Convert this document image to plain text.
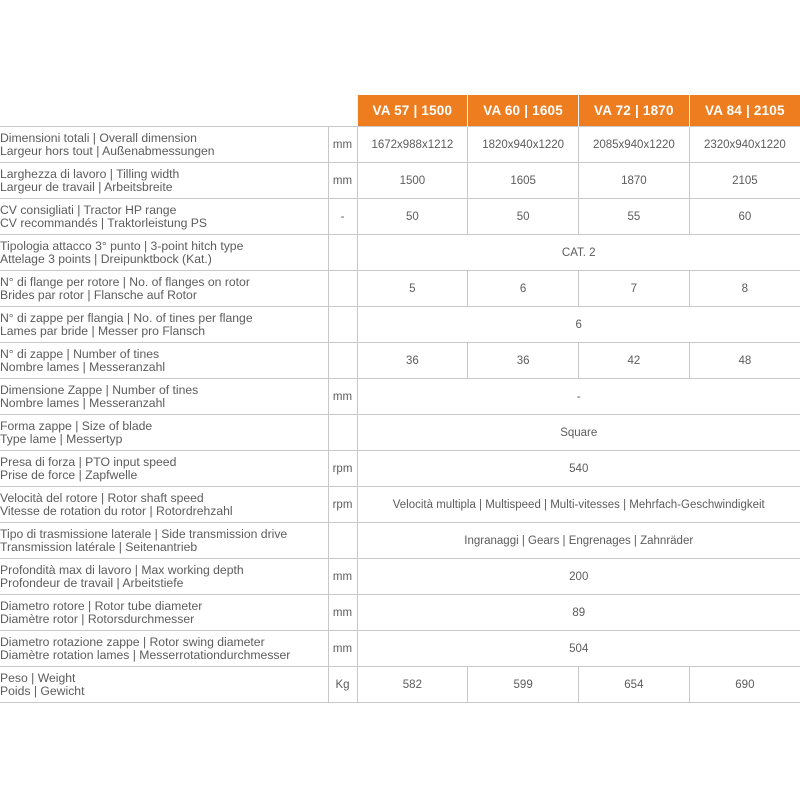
		VA 57 | 1500	VA 60 | 1605	VA 72 | 1870	VA 84 | 2105

Dimensioni totali | Overall dimension
Largeur hors tout | Außenabmessungen	mm	1672x988x1212	1820x940x1220	2085x940x1220	2320x940x1220

Larghezza di lavoro | Tilling width
Largeur de travail | Arbeitsbreite	mm	1500	1605	1870	2105

CV consigliati | Tractor HP range
CV recommandés | Traktorleistung PS	-	50	50	55	60

Tipologia attacco 3° punto | 3-point hitch type
Attelage 3 points | Dreipunktbock (Kat.)		CAT. 2			

N° di flange per rotore | No. of flanges on rotor
Brides par rotor | Flansche auf Rotor		5	6	7	8

N° di zappe per flangia | No. of tines per flange
Lames par bride | Messer pro Flansch		6			

N° di zappe | Number of tines
Nombre lames | Messeranzahl		36	36	42	48

Dimensione Zappe | Number of tines
Nombre lames | Messeranzahl	mm	-			

Forma zappe | Size of blade
Type lame | Messertyp		Square			

Presa di forza | PTO input speed
Prise de force | Zapfwelle	rpm	540			

Velocità del rotore | Rotor shaft speed
Vitesse de rotation du rotor | Rotordrehzahl	rpm	Velocità multipla | Multispeed | Multi-vitesses | Mehrfach-Geschwindigkeit			

Tipo di trasmissione laterale | Side transmission drive
Transmission latérale | Seitenantrieb		Ingranaggi | Gears | Engrenages | Zahnräder			

Profondità max di lavoro | Max working depth
Profondeur de travail | Arbeitstiefe	mm	200			

Diametro rotore | Rotor tube diameter
Diamètre rotor | Rotorsdurchmesser	mm	89			

Diametro rotazione zappe | Rotor swing diameter
Diamètre rotation lames | Messerrotationdurchmesser	mm	504			

Peso | Weight
Poids | Gewicht	Kg	582	599	654	690
